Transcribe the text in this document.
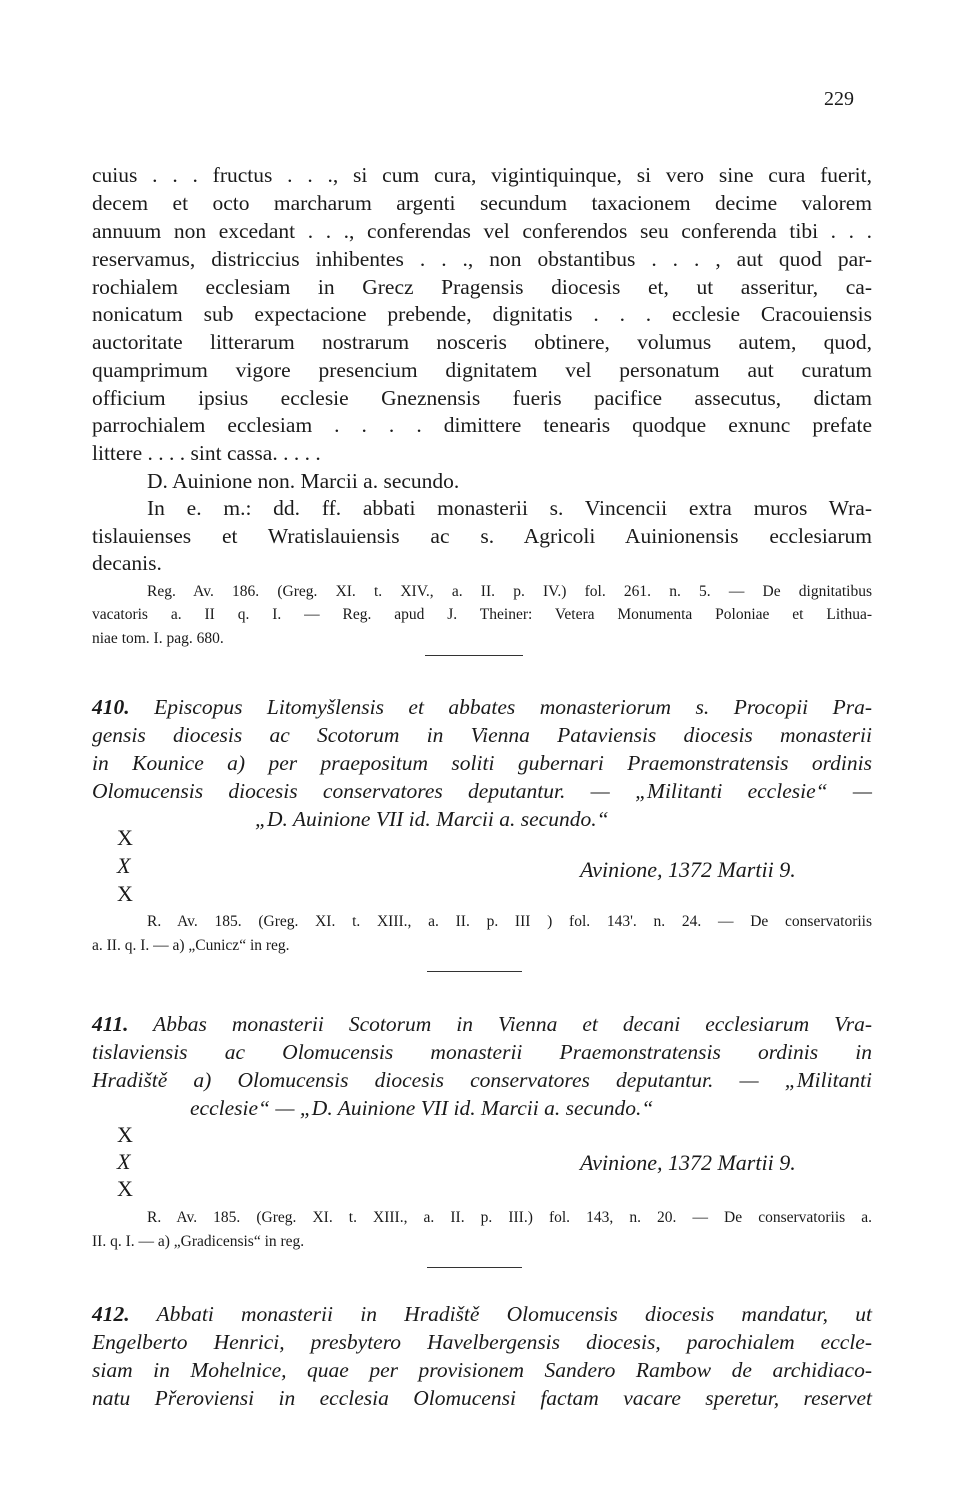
229
cuius . . . fructus . . ., si cum cura, vigintiquinque, si vero sine cura fuerit,
decem et octo marcharum argenti secundum taxacionem decime valorem
annuum non excedant . . ., conferendas vel conferendos seu conferenda tibi . . .
reservamus, districcius inhibentes . . ., non obstantibus . . . , aut quod par-
rochialem ecclesiam in Grecz Pragensis diocesis et, ut asseritur, ca-
nonicatum sub expectacione prebende, dignitatis . . . ecclesie Cracouiensis
auctoritate litterarum nostrarum nosceris obtinere, volumus autem, quod,
quamprimum vigore presencium dignitatem vel personatum aut curatum
officium ipsius ecclesie Gneznensis fueris pacifice assecutus, dictam
parrochialem ecclesiam . . . . dimittere tenearis quodque exnunc prefate
littere . . . . sint cassa. . . . .
D. Auinione non. Marcii a. secundo.
In e. m.: dd. ff. abbati monasterii s. Vincencii extra muros Wra-
tislauienses et Wratislauiensis ac s. Agricoli Auinionensis ecclesiarum
decanis.
Reg. Av. 186. (Greg. XI. t. XIV., a. II. p. IV.) fol. 261. n. 5. — De dignitatibus
vacatoris a. II q. I. — Reg. apud J. Theiner: Vetera Monumenta Poloniae et Lithua-
niae tom. I. pag. 680.
410. Episcopus Litomyšlensis et abbates monasteriorum s. Procopii Pra-
gensis diocesis ac Scotorum in Vienna Pataviensis diocesis monasterii
in Kounice a) per praepositum soliti gubernari Praemonstratensis ordinis
Olomucensis diocesis conservatores deputantur. — „Militanti ecclesie“ —
„D. Auinione VII id. Marcii a. secundo.“
X
X
X
Avinione, 1372 Martii 9.
R. Av. 185. (Greg. XI. t. XIII., a. II. p. III ) fol. 143'. n. 24. — De conservatoriis
a. II. q. I. — a) „Cunicz“ in reg.
411. Abbas monasterii Scotorum in Vienna et decani ecclesiarum Vra-
tislaviensis ac Olomucensis monasterii Praemonstratensis ordinis in
Hradiště a) Olomucensis diocesis conservatores deputantur. — „Militanti
ecclesie“ — „D. Auinione VII id. Marcii a. secundo.“
X
X
X
Avinione, 1372 Martii 9.
R. Av. 185. (Greg. XI. t. XIII., a. II. p. III.) fol. 143, n. 20. — De conservatoriis a.
II. q. I. — a) „Gradicensis“ in reg.
412. Abbati monasterii in Hradiště Olomucensis diocesis mandatur, ut
Engelberto Henrici, presbytero Havelbergensis diocesis, parochialem eccle-
siam in Mohelnice, quae per provisionem Sandero Rambow de archidiaco-
natu Přeroviensi in ecclesia Olomucensi factam vacare speretur, reservet
